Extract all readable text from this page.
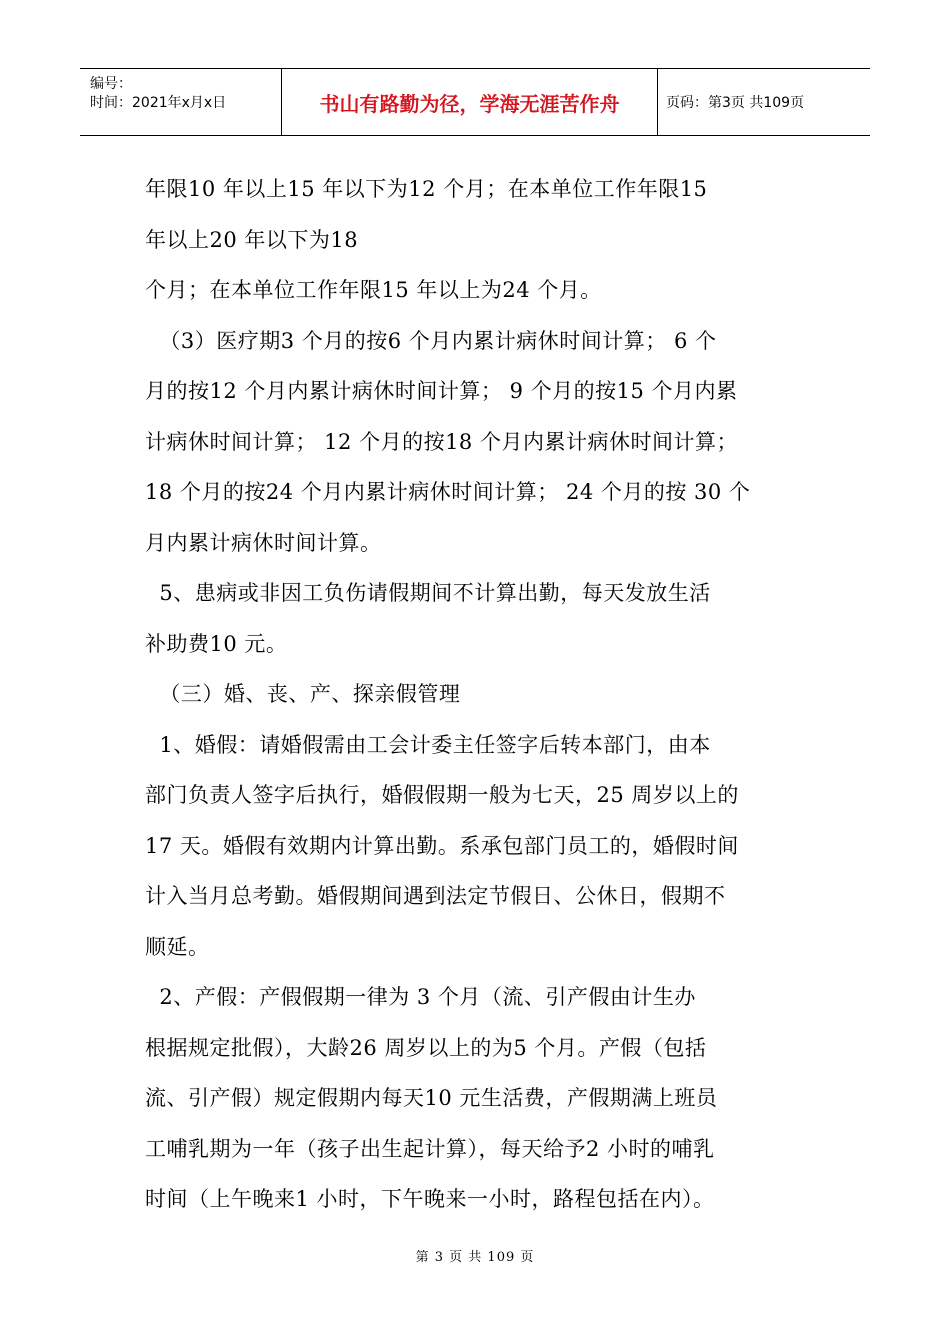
编号：
时间：2021年x月x日	书山有路勤为径，学海无涯苦作舟	页码：第3页 共109页

年限10 年以上15 年以下为12 个月；在本单位工作年限15

年以上20 年以下为18

个月；在本单位工作年限15 年以上为24 个月。

（3）医疗期3 个月的按6 个月内累计病休时间计算； 6 个

月的按12 个月内累计病休时间计算； 9 个月的按15 个月内累

计病休时间计算； 12 个月的按18 个月内累计病休时间计算；

18 个月的按24 个月内累计病休时间计算； 24 个月的按 30 个

月内累计病休时间计算。

5、患病或非因工负伤请假期间不计算出勤，每天发放生活

补助费10 元。

（三）婚、丧、产、探亲假管理

1、婚假：请婚假需由工会计委主任签字后转本部门，由本

部门负责人签字后执行，婚假假期一般为七天，25 周岁以上的

17 天。婚假有效期内计算出勤。系承包部门员工的，婚假时间

计入当月总考勤。婚假期间遇到法定节假日、公休日，假期不

顺延。

2、产假：产假假期一律为 3 个月（流、引产假由计生办

根据规定批假），大龄26 周岁以上的为5 个月。产假（包括

流、引产假）规定假期内每天10 元生活费，产假期满上班员

工哺乳期为一年（孩子出生起计算），每天给予2 小时的哺乳

时间（上午晚来1 小时，下午晚来一小时，路程包括在内）。

第 3 页 共 109 页
